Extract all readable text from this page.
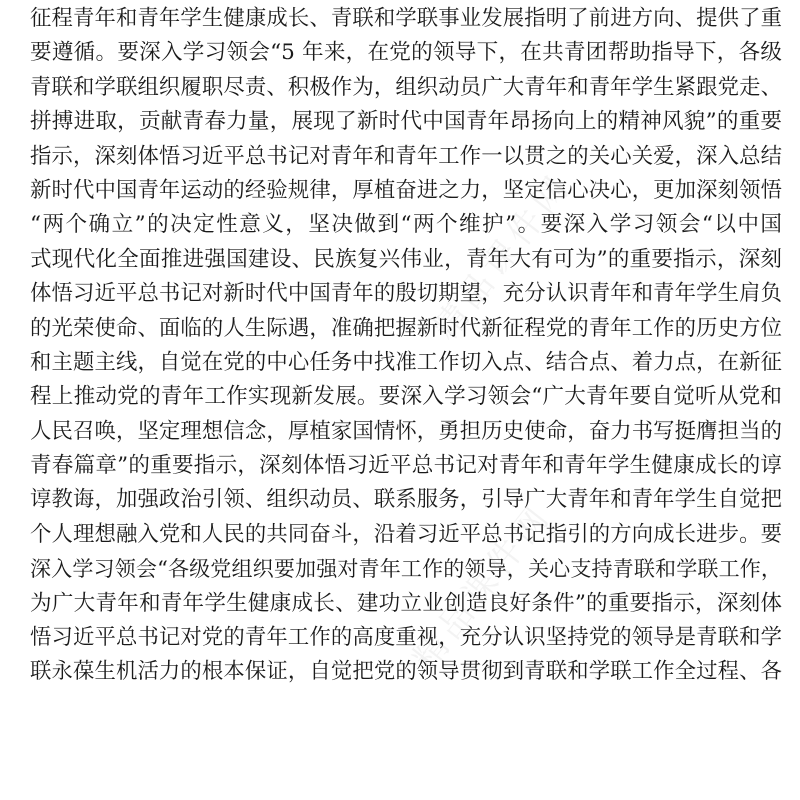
精品课件网
精品课件网
征程青年和青年学生健康成长、青联和学联事业发展指明了前进方向、提供了重
要遵循。要深入学习领会“5 年来，在党的领导下，在共青团帮助指导下，各级
青联和学联组织履职尽责、积极作为，组织动员广大青年和青年学生紧跟党走、
拼搏进取，贡献青春力量，展现了新时代中国青年昂扬向上的精神风貌”的重要
指示，深刻体悟习近平总书记对青年和青年工作一以贯之的关心关爱，深入总结
新时代中国青年运动的经验规律，厚植奋进之力，坚定信心决心，更加深刻领悟
“两个确立”的决定性意义，坚决做到“两个维护”。要深入学习领会“以中国
式现代化全面推进强国建设、民族复兴伟业，青年大有可为”的重要指示，深刻
体悟习近平总书记对新时代中国青年的殷切期望，充分认识青年和青年学生肩负
的光荣使命、面临的人生际遇，准确把握新时代新征程党的青年工作的历史方位
和主题主线，自觉在党的中心任务中找准工作切入点、结合点、着力点，在新征
程上推动党的青年工作实现新发展。要深入学习领会“广大青年要自觉听从党和
人民召唤，坚定理想信念，厚植家国情怀，勇担历史使命，奋力书写挺膺担当的
青春篇章”的重要指示，深刻体悟习近平总书记对青年和青年学生健康成长的谆
谆教诲，加强政治引领、组织动员、联系服务，引导广大青年和青年学生自觉把
个人理想融入党和人民的共同奋斗，沿着习近平总书记指引的方向成长进步。要
深入学习领会“各级党组织要加强对青年工作的领导，关心支持青联和学联工作，
为广大青年和青年学生健康成长、建功立业创造良好条件”的重要指示，深刻体
悟习近平总书记对党的青年工作的高度重视，充分认识坚持党的领导是青联和学
联永葆生机活力的根本保证，自觉把党的领导贯彻到青联和学联工作全过程、各
